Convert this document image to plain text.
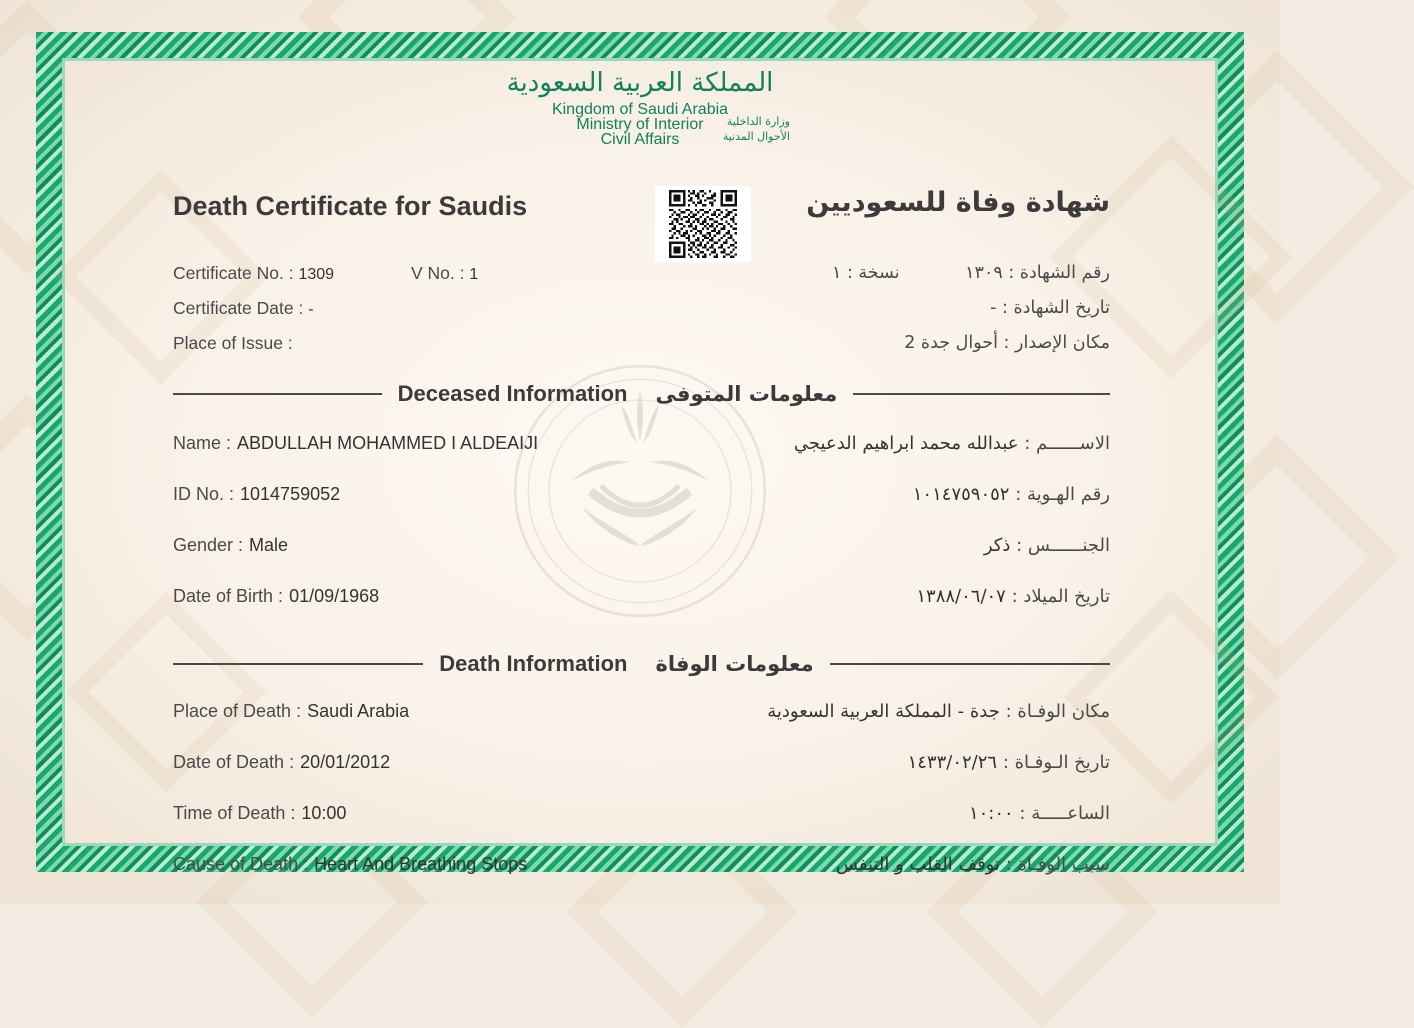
المملكة العربية السعودية
Kingdom of Saudi Arabia
Ministry of Interior	وزارة الداخلية
Civil Affairs	الأحوال المدنية
Death Certificate for Saudis	شهادة وفاة للسعوديين
Certificate No. : 1309	V No. : 1
Certificate Date : -
Place of Issue :
رقم الشهادة : ١٣٠٩ نسخة : ١
تاريخ الشهادة : -
مكان الإصدار : أحوال جدة 2
Deceased Information	معلومات المتوفى
Name : ABDULLAH MOHAMMED I ALDEAIJI	الاســــــم : عبدالله محمد ابراهيم الدعيجي
ID No. : 1014759052	رقم الهـوية : ١٠١٤٧٥٩٠٥٢
Gender : Male	الجنــــــس : ذكر
Date of Birth : 01/09/1968	تاريخ الميلاد : ١٣٨٨/٠٦/٠٧
Death Information	معلومات الوفاة
Place of Death : Saudi Arabia	مكان الوفـاة : جدة - المملكة العربية السعودية
Date of Death : 20/01/2012	تاريخ الـوفـاة : ١٤٣٣/٠٢/٢٦
Time of Death : 10:00	الساعـــــة : ١٠:٠٠
Cause of Death : Heart And Breathing Stops	سبب الوفـاة : توقف القلب و التنفس
